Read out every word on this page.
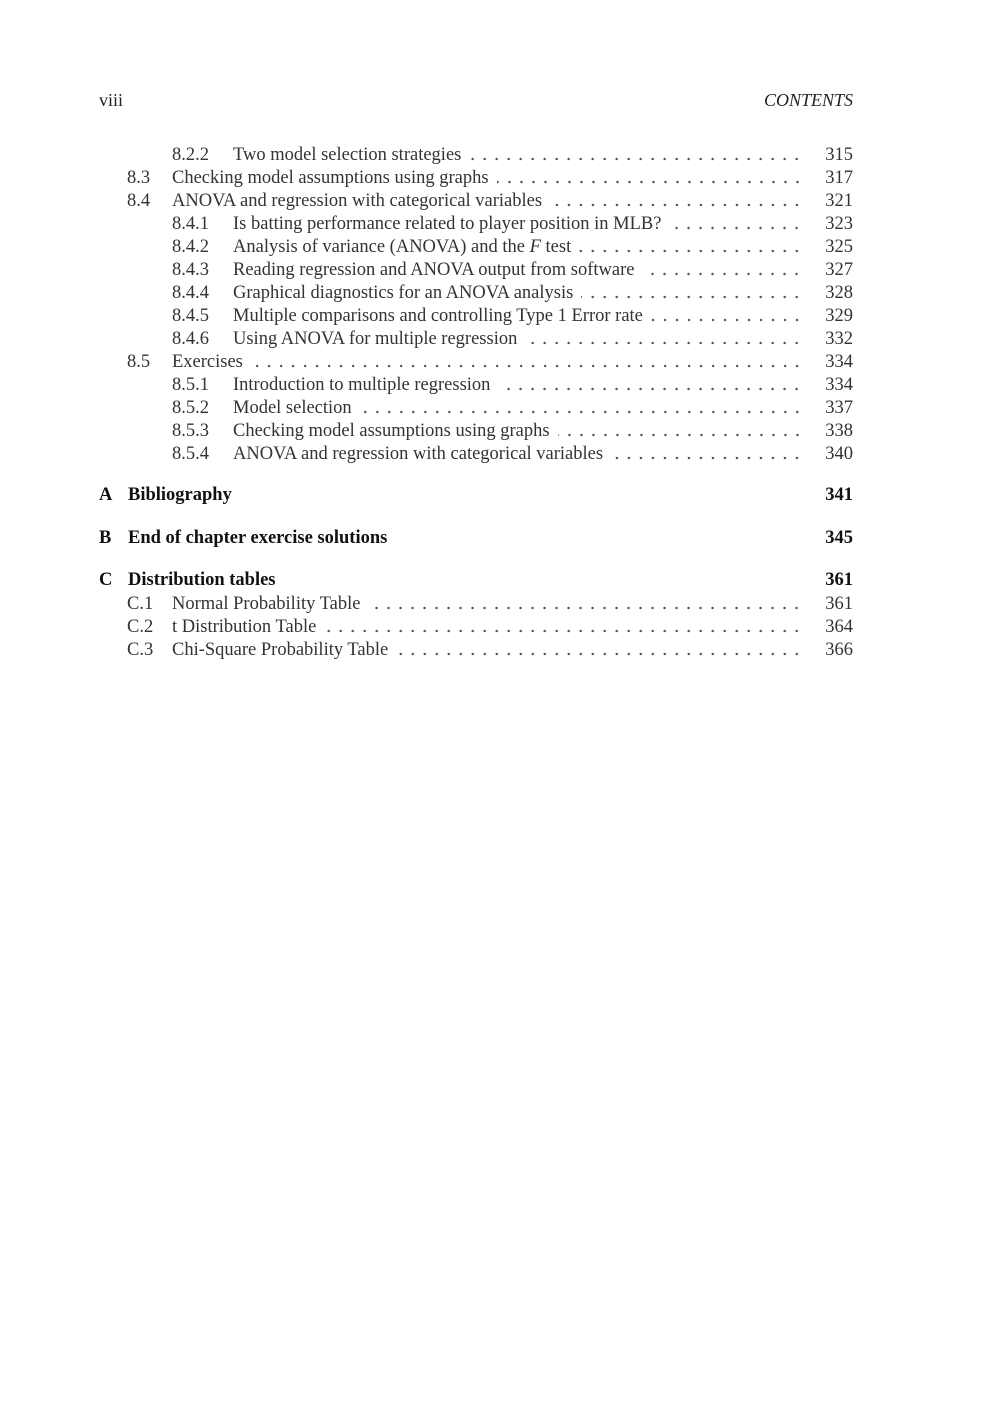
viii	CONTENTS
8.2.2 Two model selection strategies	315
8.3 Checking model assumptions using graphs	317
8.4 ANOVA and regression with categorical variables	321
8.4.1 Is batting performance related to player position in MLB?	323
8.4.2 Analysis of variance (ANOVA) and the F test	325
8.4.3 Reading regression and ANOVA output from software	327
8.4.4 Graphical diagnostics for an ANOVA analysis	328
8.4.5 Multiple comparisons and controlling Type 1 Error rate	329
8.4.6 Using ANOVA for multiple regression	332
8.5 Exercises	334
8.5.1 Introduction to multiple regression	334
8.5.2 Model selection	337
8.5.3 Checking model assumptions using graphs	338
8.5.4 ANOVA and regression with categorical variables	340
A Bibliography	341
B End of chapter exercise solutions	345
C Distribution tables	361
C.1 Normal Probability Table	361
C.2 t Distribution Table	364
C.3 Chi-Square Probability Table	366
